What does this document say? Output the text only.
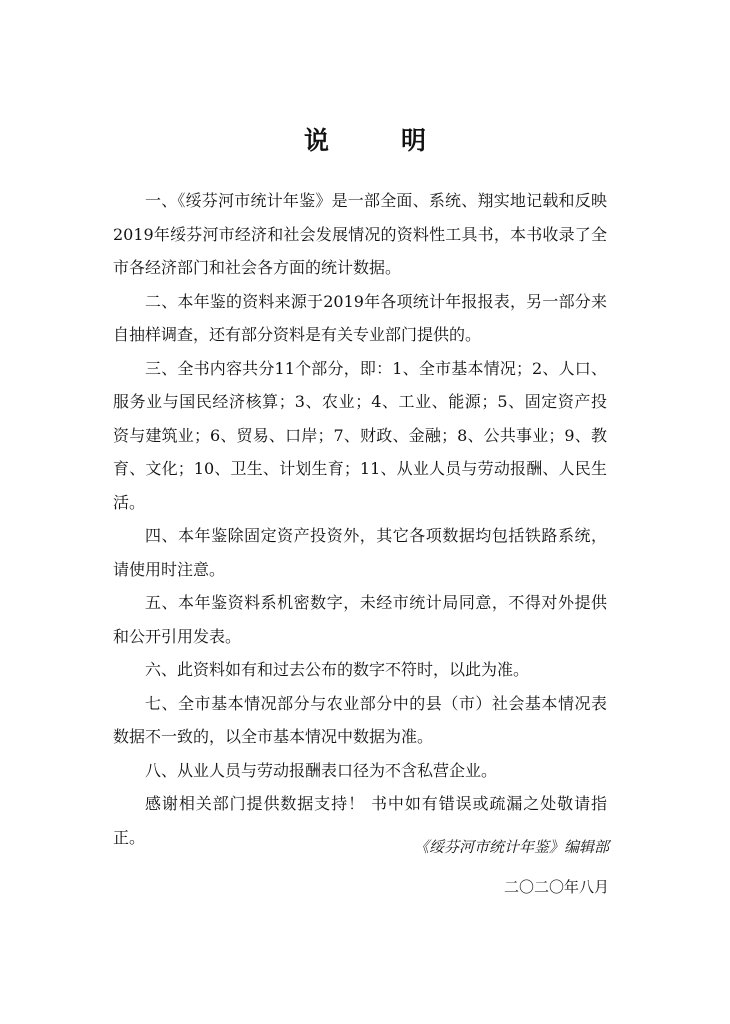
说	明

一、《绥芬河市统计年鉴》是一部全面、系统、翔实地记载和反映2019年绥芬河市经济和社会发展情况的资料性工具书，本书收录了全市各经济部门和社会各方面的统计数据。

二、本年鉴的资料来源于2019年各项统计年报报表，另一部分来自抽样调查，还有部分资料是有关专业部门提供的。

三、全书内容共分11个部分，即：1、全市基本情况；2、人口、服务业与国民经济核算；3、农业；4、工业、能源；5、固定资产投资与建筑业；6、贸易、口岸；7、财政、金融；8、公共事业；9、教育、文化；10、卫生、计划生育；11、从业人员与劳动报酬、人民生活。

四、本年鉴除固定资产投资外，其它各项数据均包括铁路系统，请使用时注意。

五、本年鉴资料系机密数字，未经市统计局同意，不得对外提供和公开引用发表。

六、此资料如有和过去公布的数字不符时，以此为准。

七、全市基本情况部分与农业部分中的县（市）社会基本情况表数据不一致的，以全市基本情况中数据为准。

八、从业人员与劳动报酬表口径为不含私营企业。

感谢相关部门提供数据支持！ 书中如有错误或疏漏之处敬请指正。

《绥芬河市统计年鉴》编辑部
二〇二〇年八月
